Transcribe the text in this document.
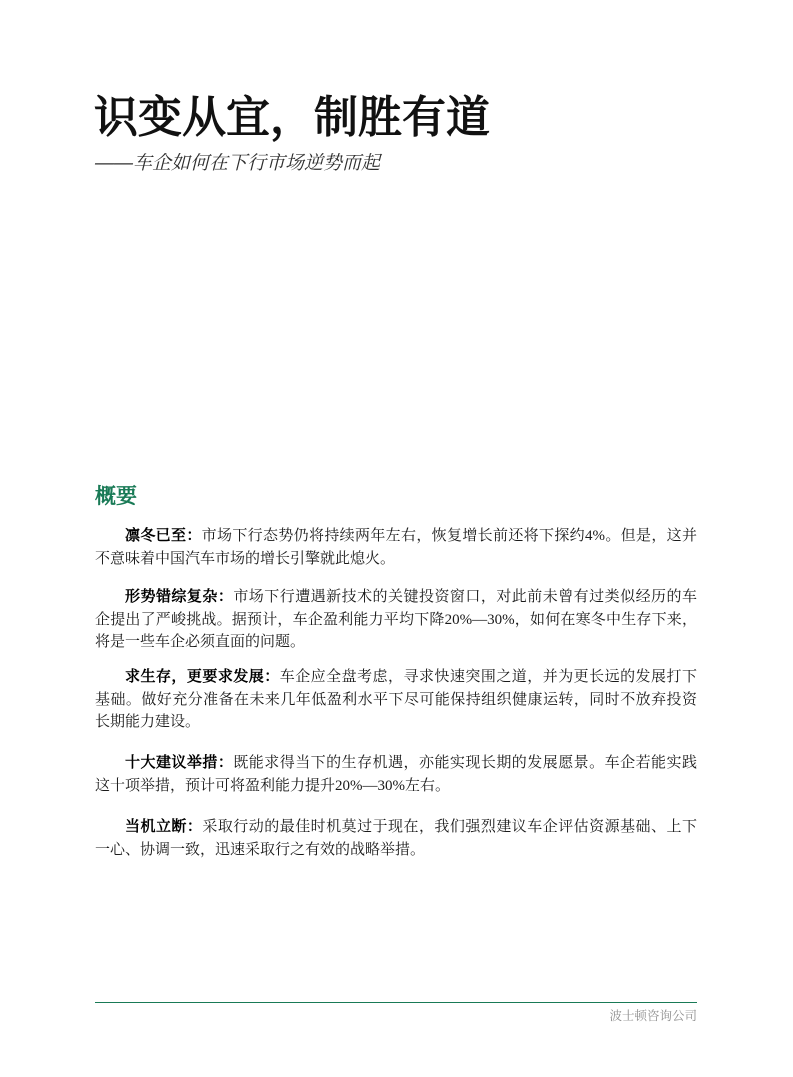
识变从宜，制胜有道
——车企如何在下行市场逆势而起
概要
凛冬已至：市场下行态势仍将持续两年左右，恢复增长前还将下探约4%。但是，这并
不意味着中国汽车市场的增长引擎就此熄火。
形势错综复杂：市场下行遭遇新技术的关键投资窗口，对此前未曾有过类似经历的车
企提出了严峻挑战。据预计，车企盈利能力平均下降20%—30%，如何在寒冬中生存下来，
将是一些车企必须直面的问题。
求生存，更要求发展：车企应全盘考虑，寻求快速突围之道，并为更长远的发展打下
基础。做好充分准备在未来几年低盈利水平下尽可能保持组织健康运转，同时不放弃投资
长期能力建设。
十大建议举措：既能求得当下的生存机遇，亦能实现长期的发展愿景。车企若能实践
这十项举措，预计可将盈利能力提升20%—30%左右。
当机立断：采取行动的最佳时机莫过于现在，我们强烈建议车企评估资源基础、上下
一心、协调一致，迅速采取行之有效的战略举措。
波士顿咨询公司
